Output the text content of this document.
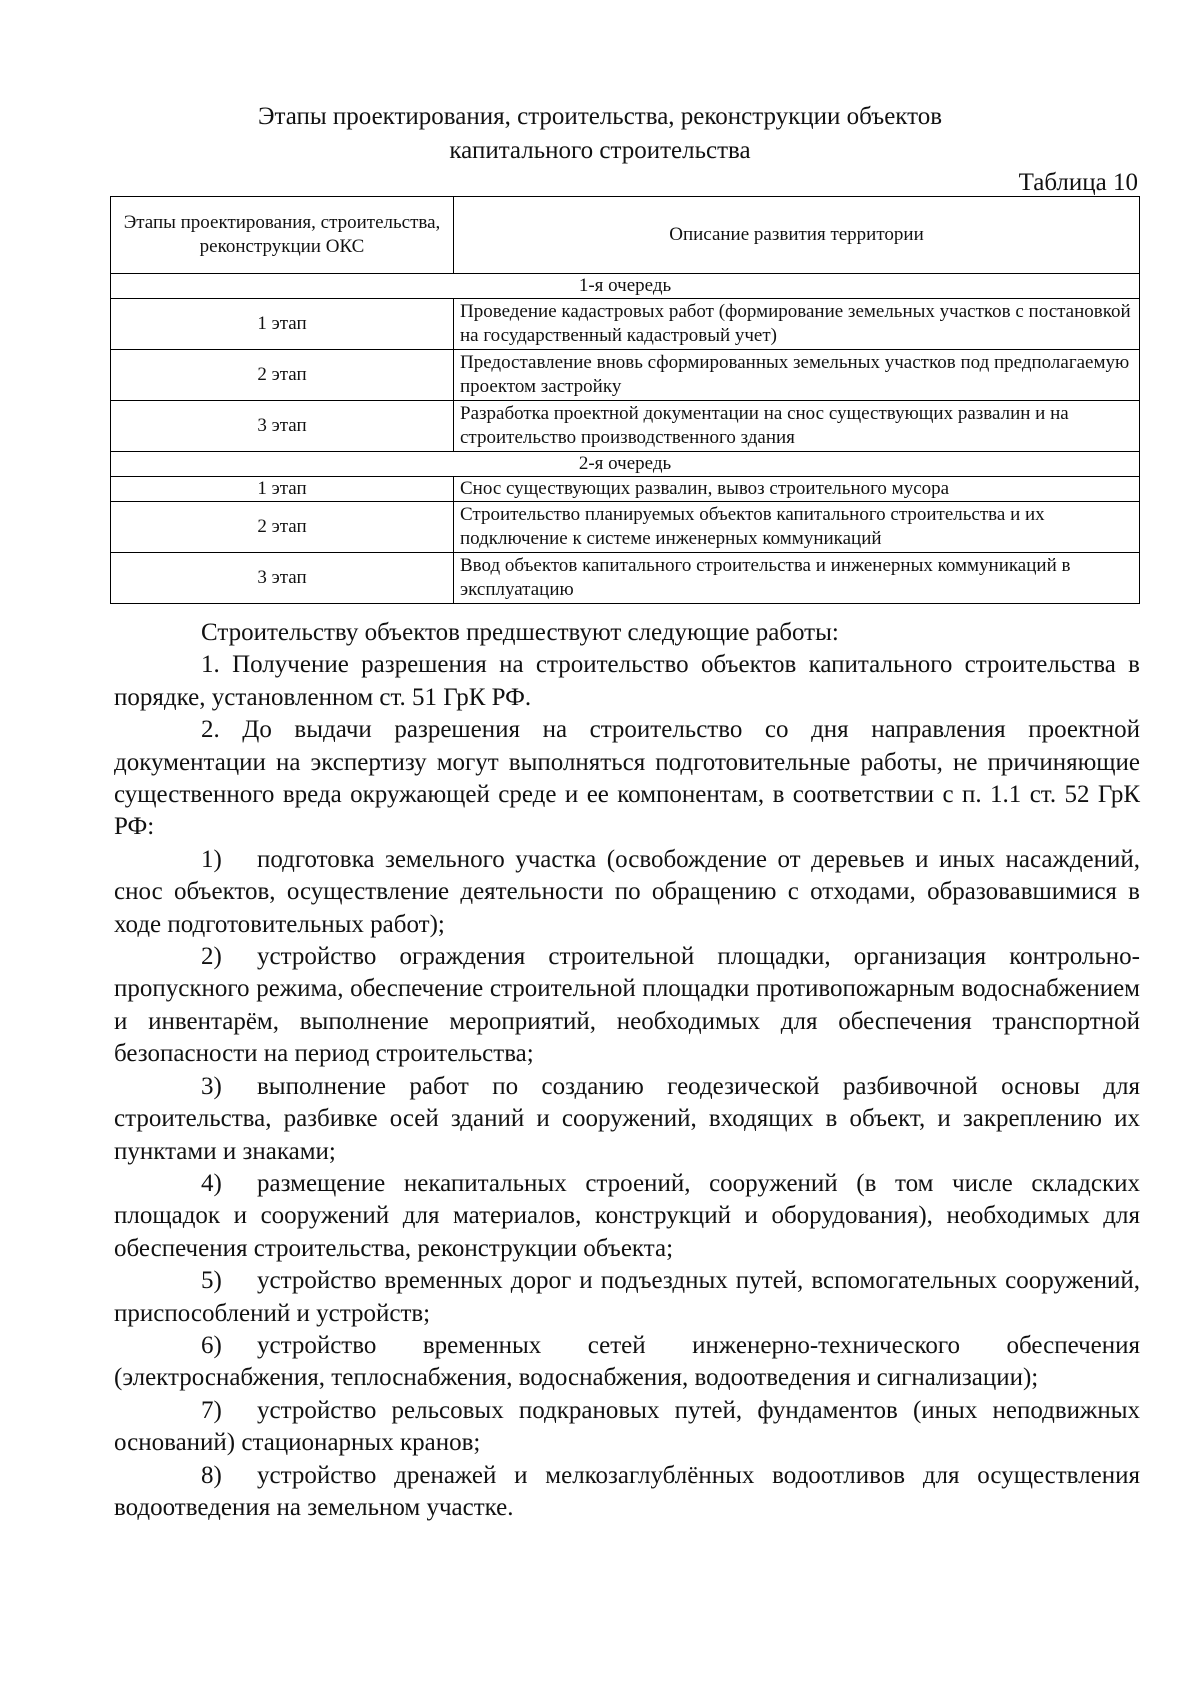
Этапы проектирования, строительства, реконструкции объектов
капитального строительства
Таблица 10
Этапы проектирования, строительства, реконструкции ОКС	Описание развития территории
1-я очередь	
1 этап	Проведение кадастровых работ (формирование земельных участков с постановкой на государственный кадастровый учет)
2 этап	Предоставление вновь сформированных земельных участков под предполагаемую проектом застройку
3 этап	Разработка проектной документации на снос существующих развалин и на строительство производственного здания
2-я очередь	
1 этап	Снос существующих развалин, вывоз строительного мусора
2 этап	Строительство планируемых объектов капитального строительства и их подключение к системе инженерных коммуникаций
3 этап	Ввод объектов капитального строительства и инженерных коммуникаций в эксплуатацию

Строительству объектов предшествуют следующие работы:

1. Получение разрешения на строительство объектов капитального строительства в порядке, установленном ст. 51 ГрК РФ.

2. До выдачи разрешения на строительство со дня направления проектной документации на экспертизу могут выполняться подготовительные работы, не причиняющие существенного вреда окружающей среде и ее компонентам, в соответствии с п. 1.1 ст. 52 ГрК РФ:

1) подготовка земельного участка (освобождение от деревьев и иных насаждений, снос объектов, осуществление деятельности по обращению с отходами, образовавшимися в ходе подготовительных работ);

2) устройство ограждения строительной площадки, организация контрольно-пропускного режима, обеспечение строительной площадки противопожарным водоснабжением и инвентарём, выполнение мероприятий, необходимых для обеспечения транспортной безопасности на период строительства;

3) выполнение работ по созданию геодезической разбивочной основы для строительства, разбивке осей зданий и сооружений, входящих в объект, и закреплению их пунктами и знаками;

4) размещение некапитальных строений, сооружений (в том числе складских площадок и сооружений для материалов, конструкций и оборудования), необходимых для обеспечения строительства, реконструкции объекта;

5) устройство временных дорог и подъездных путей, вспомогательных сооружений, приспособлений и устройств;

6) устройство временных сетей инженерно-технического обеспечения (электроснабжения, теплоснабжения, водоснабжения, водоотведения и сигнализации);

7) устройство рельсовых подкрановых путей, фундаментов (иных неподвижных оснований) стационарных кранов;

8) устройство дренажей и мелкозаглублённых водоотливов для осуществления водоотведения на земельном участке.
